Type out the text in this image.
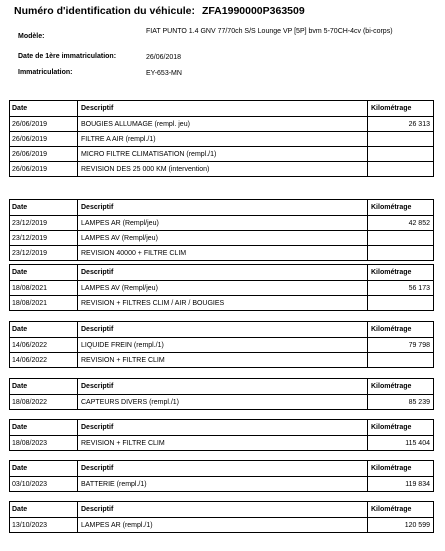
Numéro d'identification du véhicule: ZFA1990000P363509
Modèle:
FIAT PUNTO 1.4 GNV 77/70ch S/S Lounge VP [5P] bvm 5-70CH-4cv (bi-corps)
Date de 1ère immatriculation:	26/06/2018
Immatriculation:	EY-653-MN
Date	Descriptif	Kilométrage
26/06/2019	BOUGIES ALLUMAGE (rempl. jeu)	26 313
26/06/2019	FILTRE A AIR (rempl./1)
26/06/2019	MICRO FILTRE CLIMATISATION (rempl./1)
26/06/2019	REVISION DES 25 000 KM (intervention)
Date	Descriptif	Kilométrage
23/12/2019	LAMPES AR (Rempl/jeu)	42 852
23/12/2019	LAMPES AV (Rempl/jeu)
23/12/2019	REVISION 40000 + FILTRE CLIM
Date	Descriptif	Kilométrage
18/08/2021	LAMPES AV (Rempl/jeu)	56 173
18/08/2021	REVISION + FILTRES CLIM / AIR / BOUGIES
Date	Descriptif	Kilométrage
14/06/2022	LIQUIDE FREIN (rempl./1)	79 798
14/06/2022	REVISION + FILTRE CLIM
Date	Descriptif	Kilométrage
18/08/2022	CAPTEURS DIVERS (rempl./1)	85 239
Date	Descriptif	Kilométrage
18/08/2023	REVISION + FILTRE CLIM	115 404
Date	Descriptif	Kilométrage
03/10/2023	BATTERIE (rempl./1)	119 834
Date	Descriptif	Kilométrage
13/10/2023	LAMPES AR (rempl./1)	120 599
